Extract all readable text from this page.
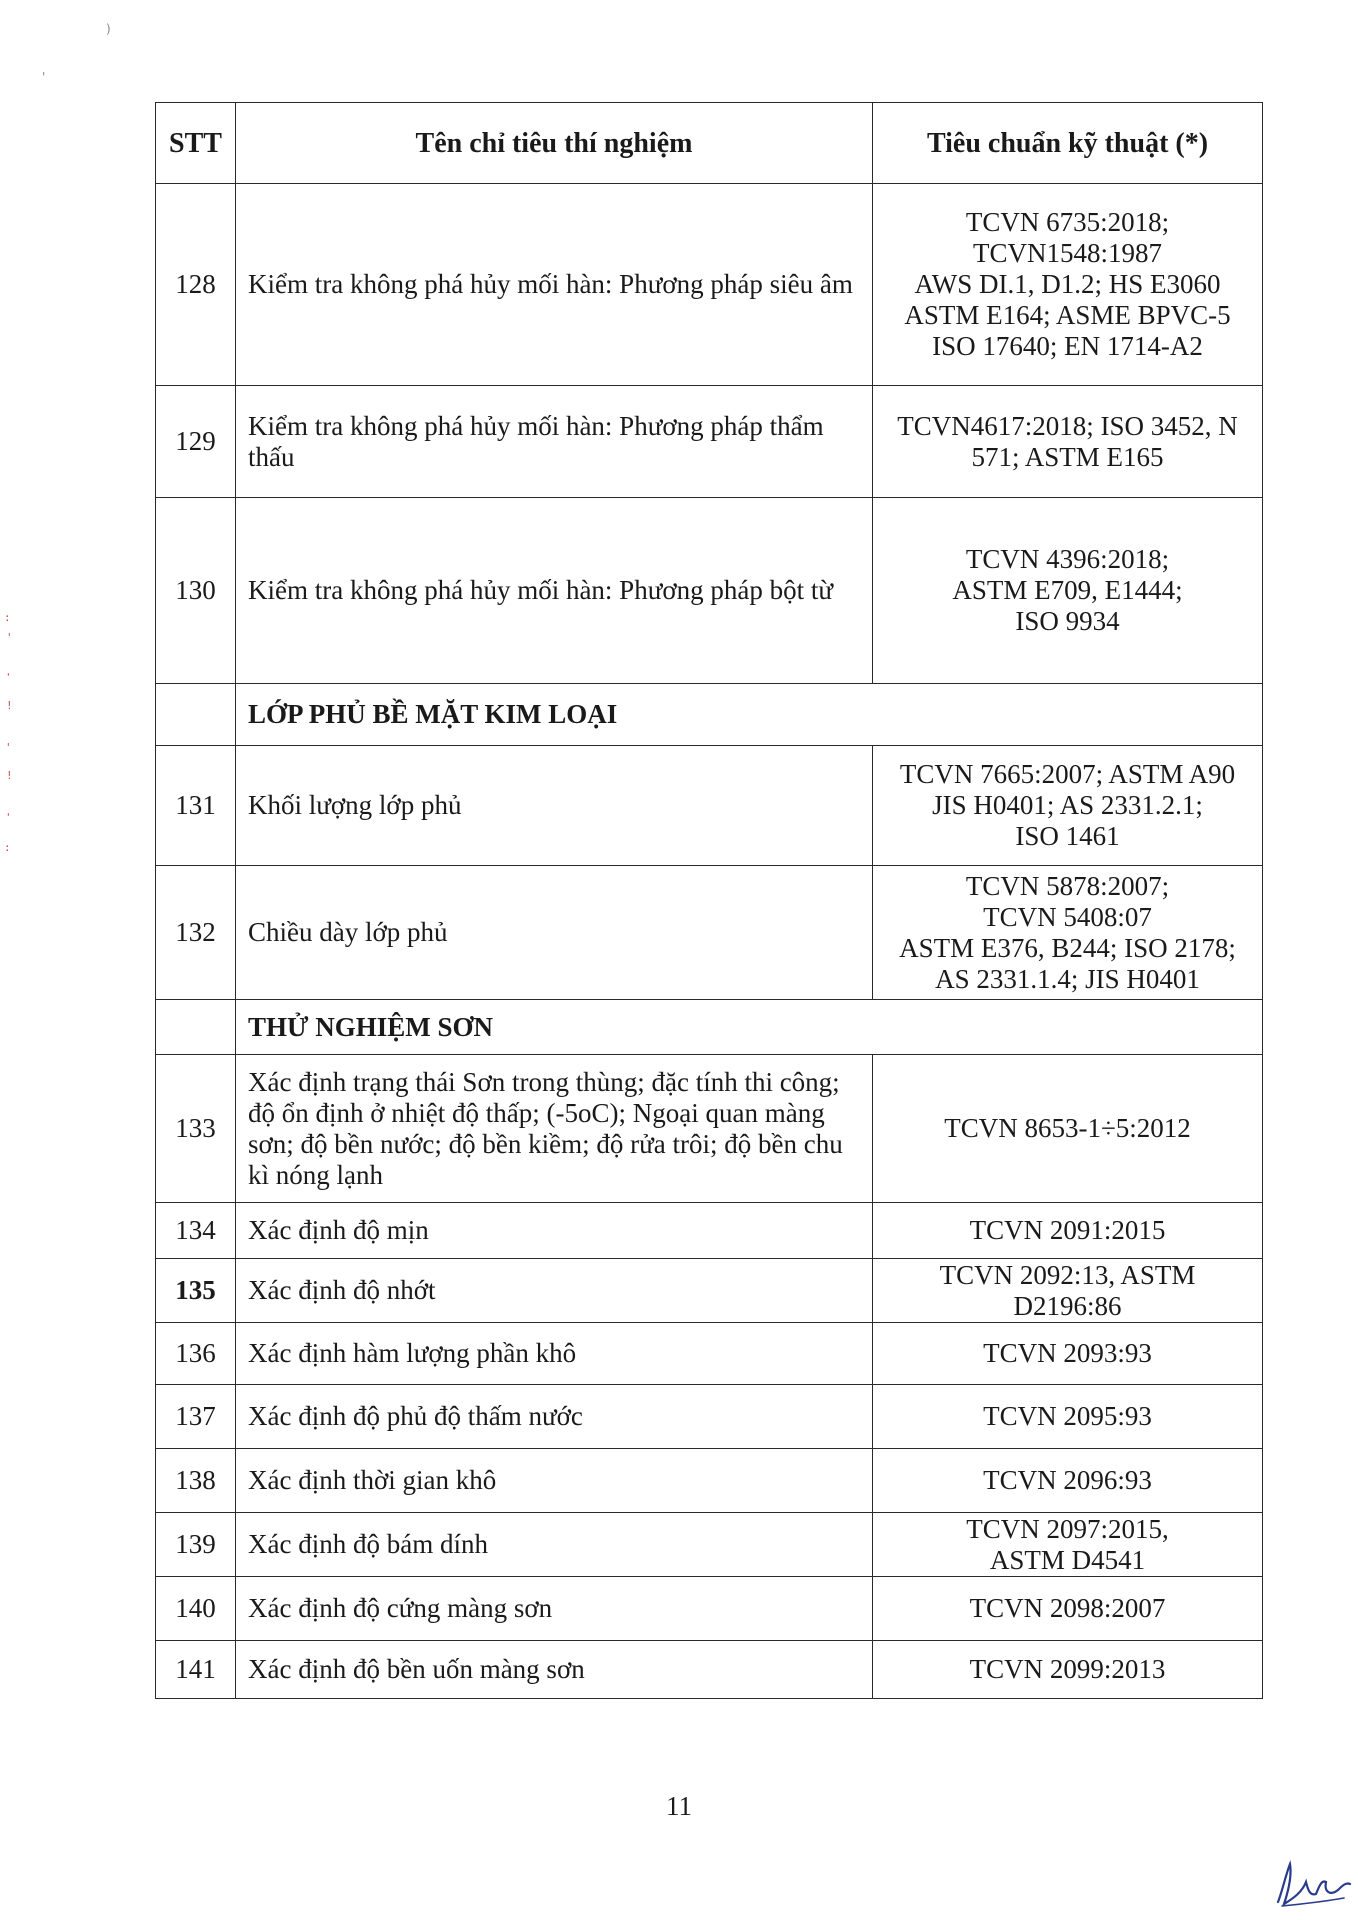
STT	Tên chỉ tiêu thí nghiệm	Tiêu chuẩn kỹ thuật (*)
128	Kiểm tra không phá hủy mối hàn: Phương pháp siêu âm	TCVN 6735:2018;
TCVN1548:1987
AWS DI.1, D1.2; HS E3060
ASTM E164; ASME BPVC-5
ISO 17640; EN 1714-A2

129	Kiểm tra không phá hủy mối hàn: Phương pháp thẩm thấu	TCVN4617:2018; ISO 3452, N
571; ASTM E165

130	Kiểm tra không phá hủy mối hàn: Phương pháp bột từ	TCVN 4396:2018;
ASTM E709, E1444;
ISO 9934

	LỚP PHỦ BỀ MẶT KIM LOẠI	
131	Khối lượng lớp phủ	TCVN 7665:2007; ASTM A90
JIS H0401; AS 2331.2.1;
ISO 1461

132	Chiều dày lớp phủ	TCVN 5878:2007;
TCVN 5408:07
ASTM E376, B244; ISO 2178;
AS 2331.1.4; JIS H0401

	THỬ NGHIỆM SƠN	
133	Xác định trạng thái Sơn trong thùng; đặc tính thi công; độ ổn định ở nhiệt độ thấp; (-5oC); Ngoại quan màng sơn; độ bền nước; độ bền kiềm; độ rửa trôi; độ bền chu kì nóng lạnh	TCVN 8653-1÷5:2012

134	Xác định độ mịn	TCVN 2091:2015

135	Xác định độ nhớt	TCVN 2092:13, ASTM
D2196:86

136	Xác định hàm lượng phần khô	TCVN 2093:93

137	Xác định độ phủ độ thấm nước	TCVN 2095:93

138	Xác định thời gian khô	TCVN 2096:93

139	Xác định độ bám dính	TCVN 2097:2015,
ASTM D4541

140	Xác định độ cứng màng sơn	TCVN 2098:2007

141	Xác định độ bền uốn màng sơn	TCVN 2099:2013
11
:
'
'
!
'
!
'
:
)
'
